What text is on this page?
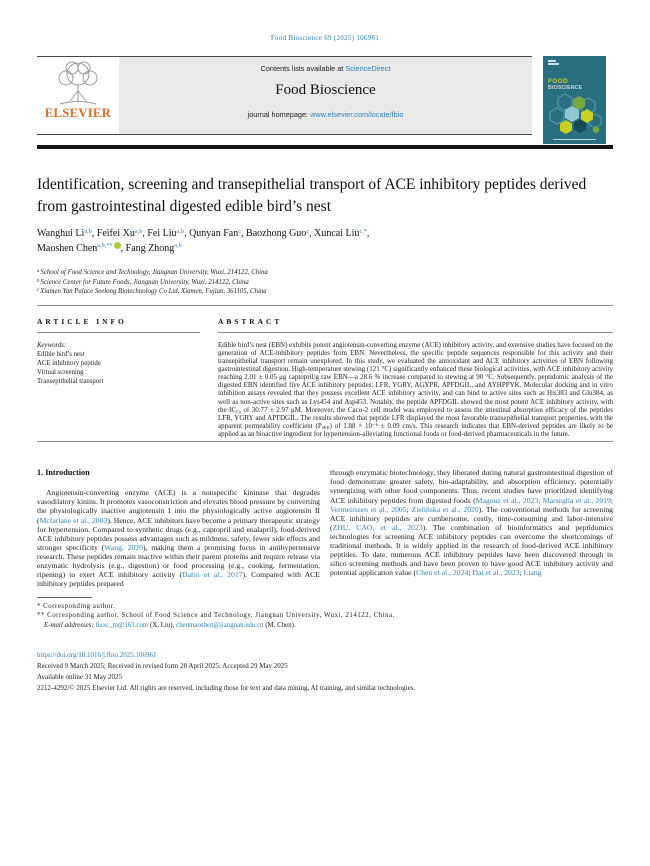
Food Bioscience 69 (2025) 106961
ELSEVIER
Contents lists available at ScienceDirect
Food Bioscience
journal homepage: www.elsevier.com/locate/fbio
FOOD
BIOSCIENCE
Identification, screening and transepithelial transport of ACE inhibitory peptides derived from gastrointestinal digested edible bird’s nest
Wanghui Li$^{a,b}$, Feifei Xu$^{a,b}$, Fei Liu$^{a,b}$, Qunyan Fan$^c$, Baozhong Guo$^c$, Xuncai Liu$^{c,*}$,
Maoshen Chen$^{a,b,**}$ , Fang Zhong$^{a,b}$
$^a$School of Food Science and Technology, Jiangnan University, Wuxi, 214122, China
$^b$Science Center for Future Foods, Jiangnan University, Wuxi, 214122, China
$^c$Xiamen Yan Palace Seelong Biotechnology Co Ltd, Xiamen, Fujian, 361105, China
ARTICLE INFO
Keywords:
Edible bird’s nest
ACE inhibitory peptide
Virtual screening
Transepithelial transport
ABSTRACT

Edible bird’s nest (EBN) exhibits potent angiotensin-converting enzyme (ACE) inhibitory activity, and extensive studies have focused on the generation of ACE-inhibitory peptides from EBN. Nevertheless, the specific peptide sequences responsible for this activity and their transepithelial transport remain unexplored. In this study, we evaluated the antioxidant and ACE inhibitory activities of EBN following gastrointestinal digestion. High-temperature stewing (121 °C) significantly enhanced these biological activities, with ACE inhibitory activity reaching 2.01 ± 0.05 μg captopril/g raw EBN—a 28.6 % increase compared to stewing at 90 °C. Subsequently, peptidomic analysis of the digested EBN identified five ACE inhibitory peptides: LFR, YGRY, AGYPR, APFDGIL, and AYHPPYK. Molecular docking and in vitro inhibition assays revealed that they possess excellent ACE inhibitory activity, and can bind to active sites such as His383 and Glu384, as well as non-active sites such as Lys454 and Asp453. Notably, the peptide APFDGIL showed the most potent ACE inhibitory activity, with the IC₅₀ of 30.77 ± 2.97 μM. Moreover, the Caco-2 cell model was employed to assess the intestinal absorption efficacy of the peptides LFR, YGRY and APFDGIL. The results showed that peptide LFR displayed the most favorable transepithelial transport properties, with the apparent permeability coefficient (Pₐₚₚ) of 1.88 × 10⁻⁶ ± 0.09 cm/s. This research indicates that EBN-derived peptides are likely to be applied as an bioactive ingredient for hypertension-alleviating functional foods or food-derived pharmaceuticals in the future.

1. Introduction

Angiotensin-converting enzyme (ACE) is a nonspecific kininase that degrades vasodilatory kinins. It promotes vasoconstriction and elevates blood pressure by converting the physiologically inactive angiotensin I into the physiologically active angiotensin II (Mcfarlane et al., 2003). Hence, ACE inhibitors have become a primary therapeutic strategy for hypertension. Compared to synthetic drugs (e.g., captopril and enalapril), food-derived ACE inhibitory peptides possess advantages such as mildness, safety, fewer side effects and stronger specificity (Wang, 2020), making them a promising focus in antihypertensive research. These peptides remain inactive within their parent proteins and require release via enzymatic hydrolysis (e.g., digestion) or food processing (e.g., cooking, fermentation, ripening) to exert ACE inhibitory activity (Daliri et al., 2017). Compared with ACE inhibitory peptides prepared

through enzymatic biotechnology, they liberated during natural gastrointestinal digestion of food demonstrate greater safety, bio-adaptability, and absorption efficiency, potentially synergizing with other food components. Thus, recent studies have prioritized identifying ACE inhibitory peptides from digested foods (Magouz et al., 2023; Marseglia et al., 2019; Vermeirssen et al., 2005; Zielińska et al., 2020). The conventional methods for screening ACE inhibitory peptides are cumbersome, costly, time-consuming and labor-intensive (ZHU, CAO, et al., 2023). The combination of bioinformatics and peptidomics technologies for screening ACE inhibitory peptides can overcome the shortcomings of traditional methods. It is widely applied in the research of food-derived ACE inhibitory peptides. To date, numerous ACE inhibitory peptides have been discovered through in silico screening methods and have been proven to have good ACE inhibitory activity and potential application value (Chen et al., 2024; Dai et al., 2023; Liang

* Corresponding author.
** Corresponding author. School of Food Science and Technology, Jiangnan University, Wuxi, 214122, China.
E-mail addresses: liuxc_m@163.com (X. Liu), chenmaoshen@jiangnan.edu.cn (M. Chen).
https://doi.org/10.1016/j.fbio.2025.106961
Received 9 March 2025; Received in revised form 28 April 2025; Accepted 29 May 2025
Available online 31 May 2025
2212-4292/© 2025 Elsevier Ltd. All rights are reserved, including those for text and data mining, AI training, and similar technologies.
